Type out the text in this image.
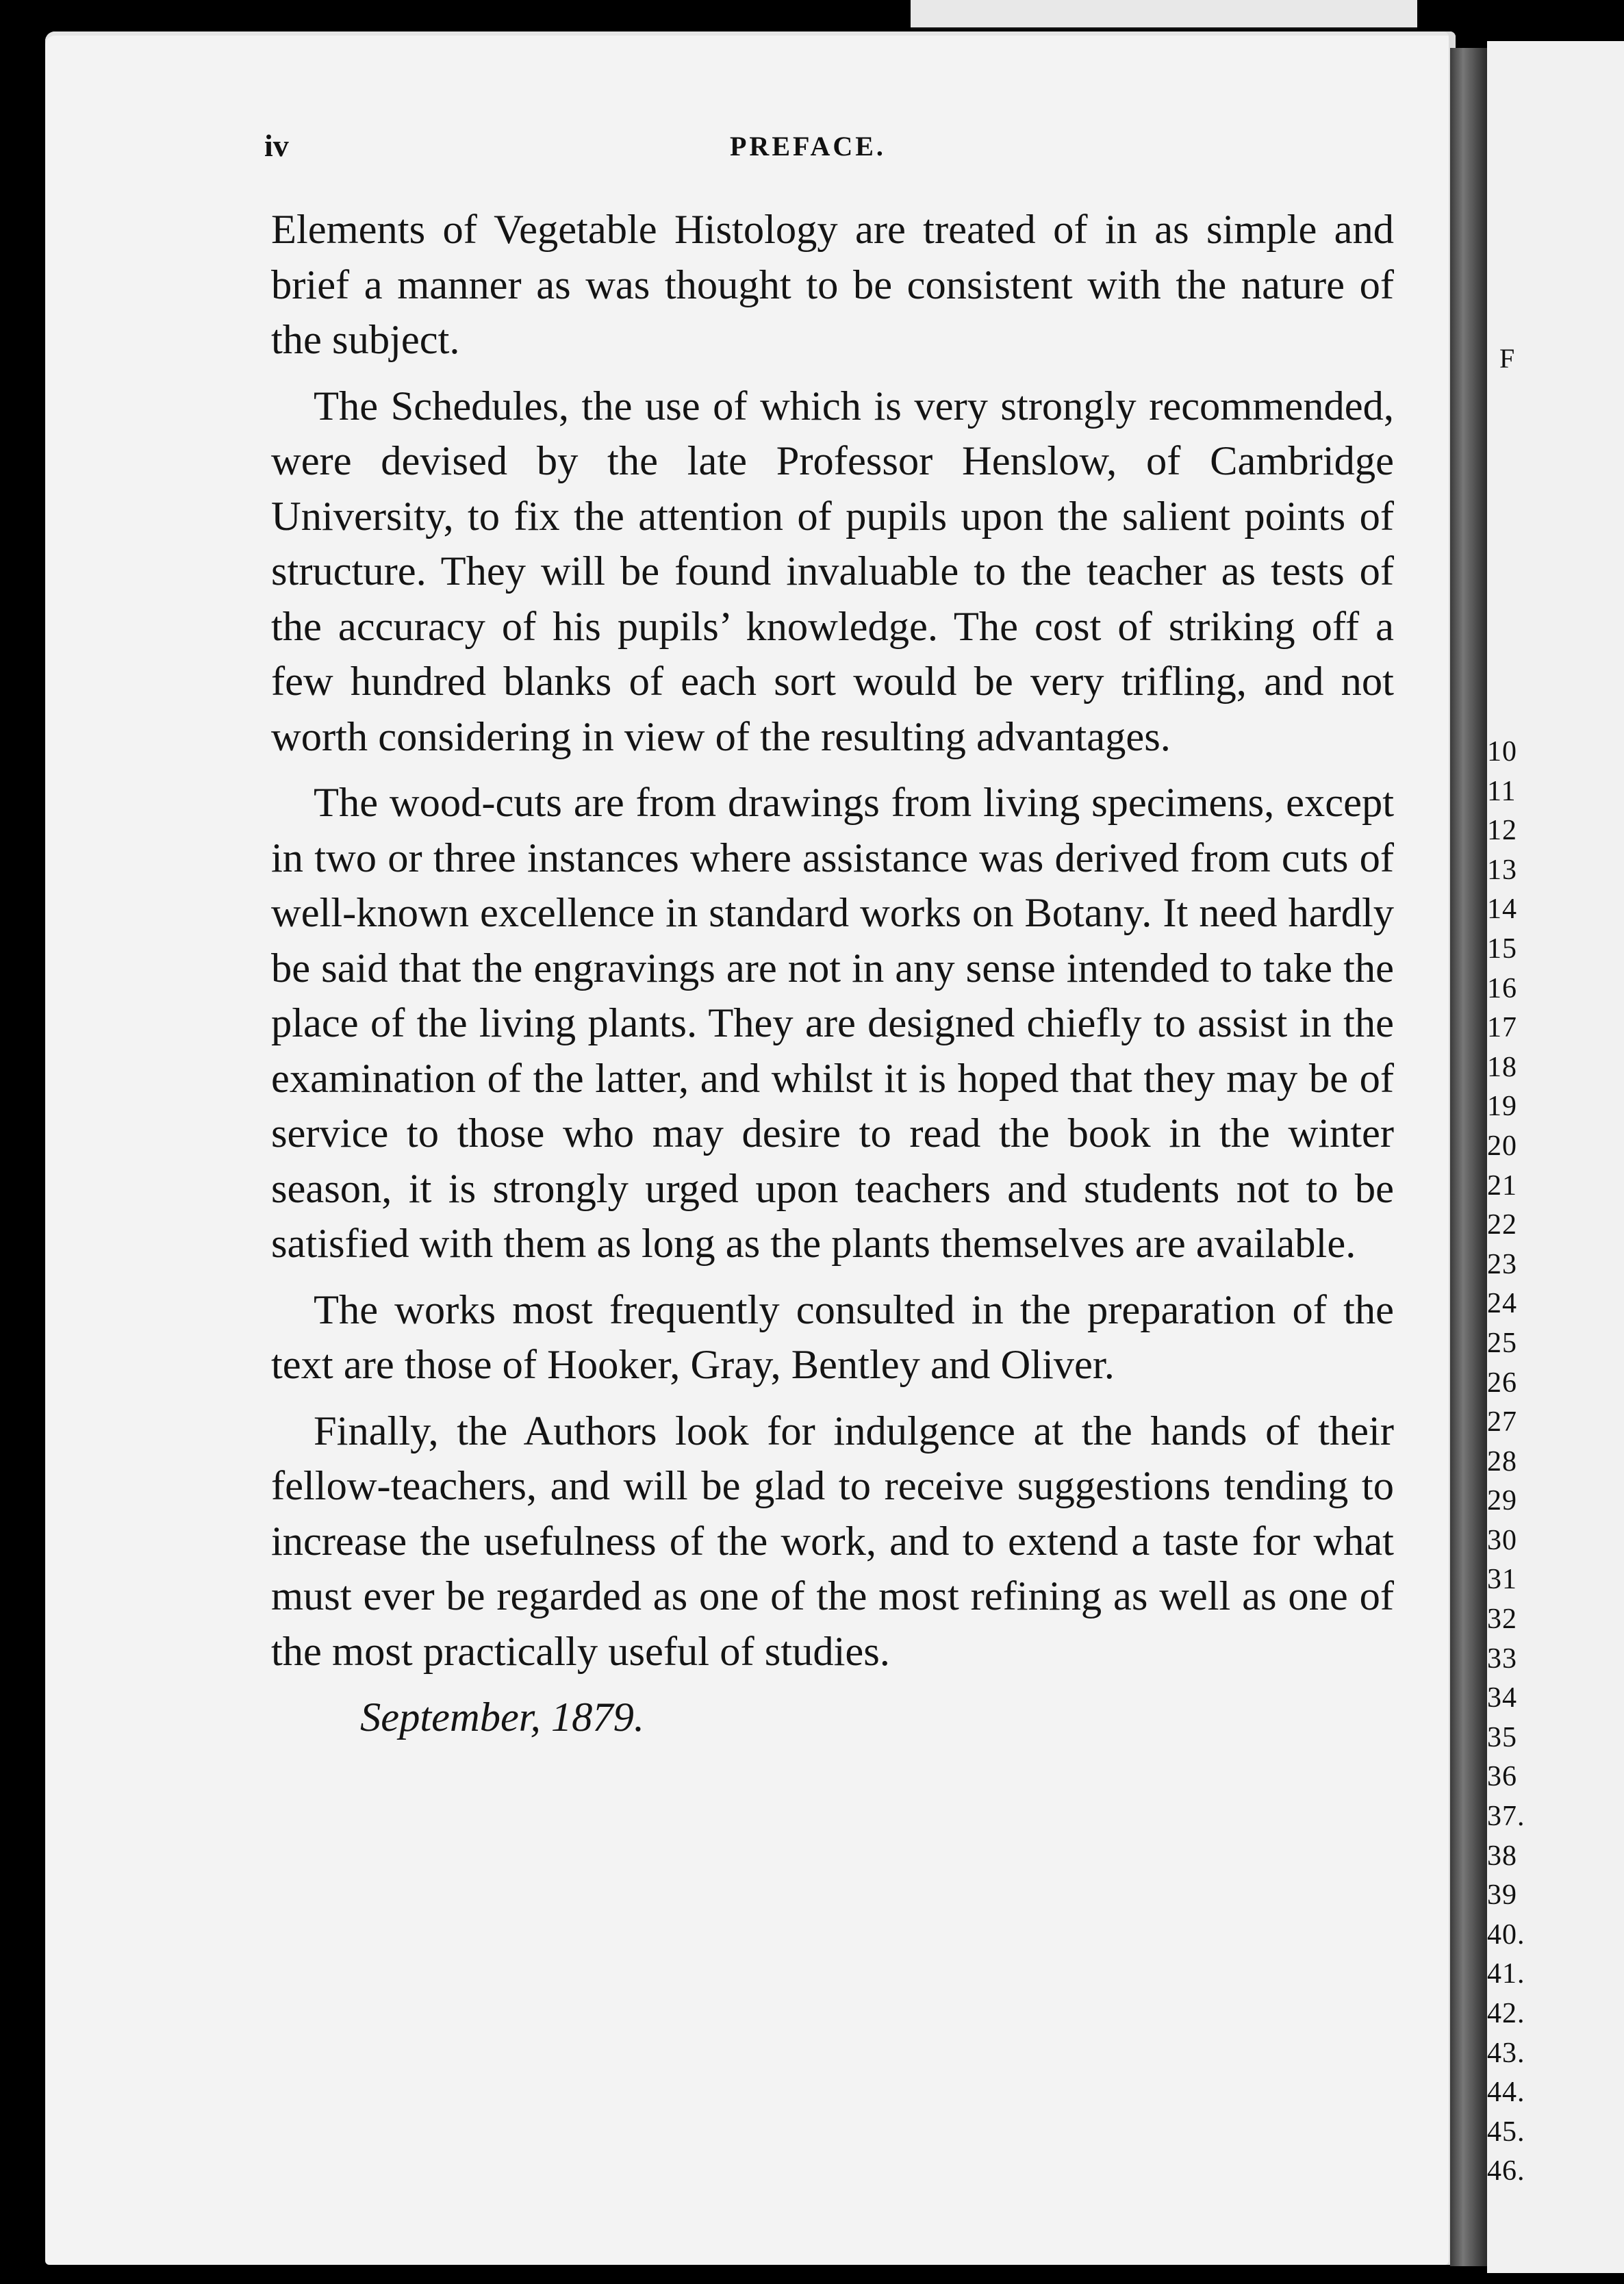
iv	PREFACE.

Elements of Vegetable Histology are treated of in as simple and brief a manner as was thought to be consistent with the nature of the subject.

The Schedules, the use of which is very strongly recommended, were devised by the late Professor Henslow, of Cambridge University, to fix the attention of pupils upon the salient points of structure. They will be found invaluable to the teacher as tests of the accuracy of his pupils’ knowledge. The cost of striking off a few hundred blanks of each sort would be very trifling, and not worth considering in view of the resulting advantages.

The wood-cuts are from drawings from living specimens, except in two or three instances where assistance was derived from cuts of well-known excellence in standard works on Botany. It need hardly be said that the engravings are not in any sense intended to take the place of the living plants. They are designed chiefly to assist in the examination of the latter, and whilst it is hoped that they may be of service to those who may desire to read the book in the winter season, it is strongly urged upon teachers and students not to be satisfied with them as long as the plants themselves are available.

The works most frequently consulted in the preparation of the text are those of Hooker, Gray, Bentley and Oliver.

Finally, the Authors look for indulgence at the hands of their fellow-teachers, and will be glad to receive suggestions tending to increase the usefulness of the work, and to extend a taste for what must ever be regarded as one of the most refining as well as one of the most practically useful of studies.

September, 1879.

F
10
11
12
13
14
15
16
17
18
19
20
21
22
23
24
25
26
27
28
29
30
31
32
33
34
35
36
37.
38
39
40.
41.
42.
43.
44.
45.
46.
